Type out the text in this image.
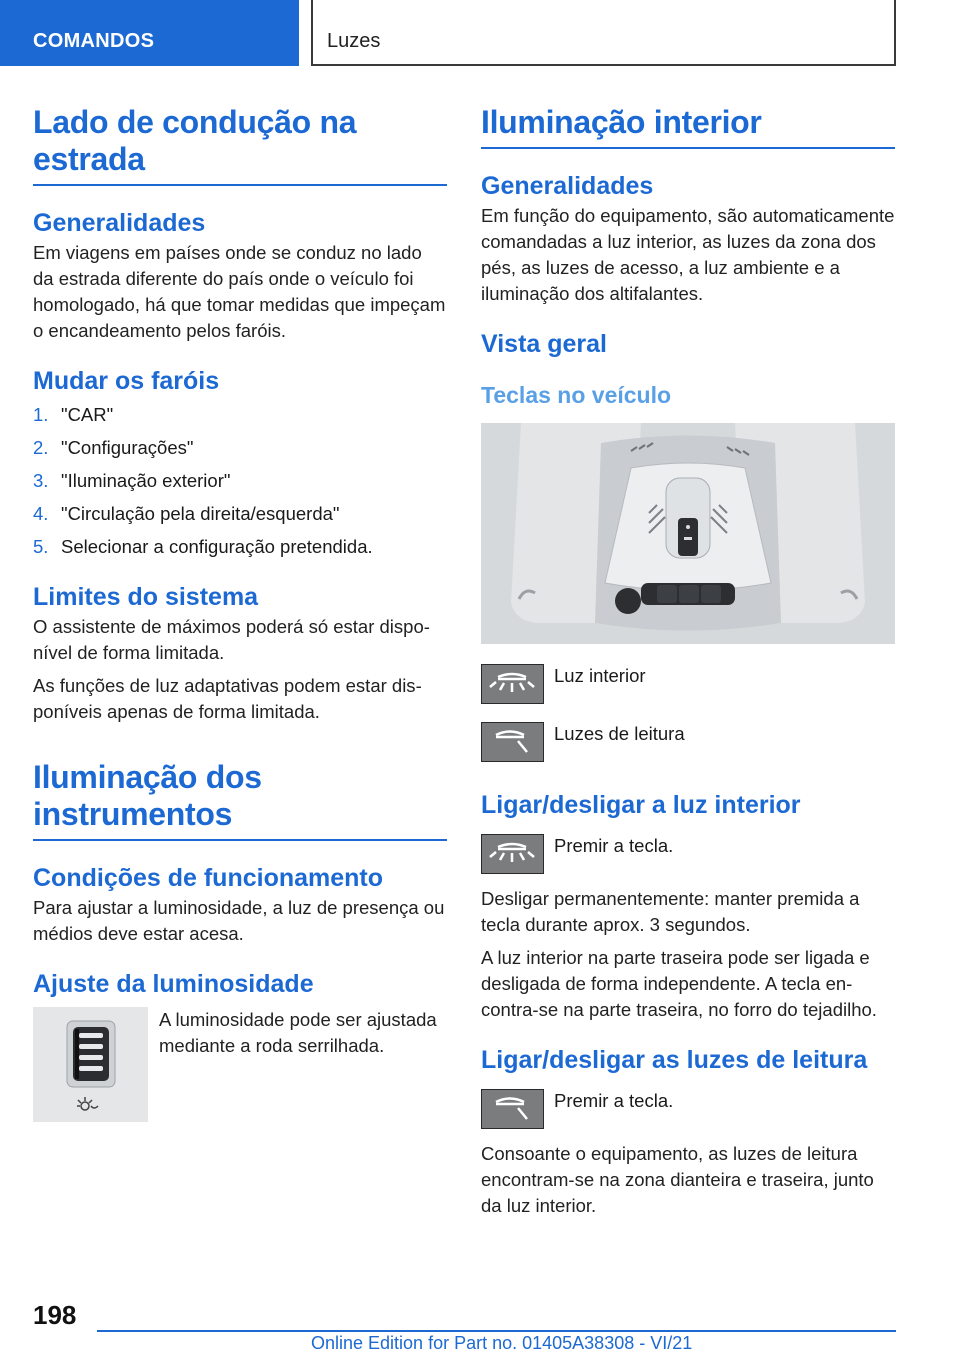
COMANDOS	Luzes
Lado de condução na estrada
Generalidades
Em viagens em países onde se conduz no lado da estrada diferente do país onde o veículo foi homologado, há que tomar medidas que impeçam o encandeamento pelos faróis.
Mudar os faróis
1. "CAR"
2. "Configurações"
3. "Iluminação exterior"
4. "Circulação pela direita/esquerda"
5. Selecionar a configuração pretendida.
Limites do sistema
O assistente de máximos poderá só estar disponível de forma limitada.
As funções de luz adaptativas podem estar disponíveis apenas de forma limitada.
Iluminação dos instrumentos
Condições de funcionamento
Para ajustar a luminosidade, a luz de presença ou médios deve estar acesa.
Ajuste da luminosidade
A luminosidade pode ser ajustada mediante a roda serrilhada.
Iluminação interior
Generalidades
Em função do equipamento, são automaticamente comandadas a luz interior, as luzes da zona dos pés, as luzes de acesso, a luz ambiente e a iluminação dos altifalantes.
Vista geral
Teclas no veículo
Luz interior
Luzes de leitura
Ligar/desligar a luz interior
Premir a tecla.
Desligar permanentemente: manter premida a tecla durante aprox. 3 segundos.
A luz interior na parte traseira pode ser ligada e desligada de forma independente. A tecla encontra-se na parte traseira, no forro do tejadilho.
Ligar/desligar as luzes de leitura
Premir a tecla.
Consoante o equipamento, as luzes de leitura encontram-se na zona dianteira e traseira, junto da luz interior.
198
Online Edition for Part no. 01405A38308 - VI/21
